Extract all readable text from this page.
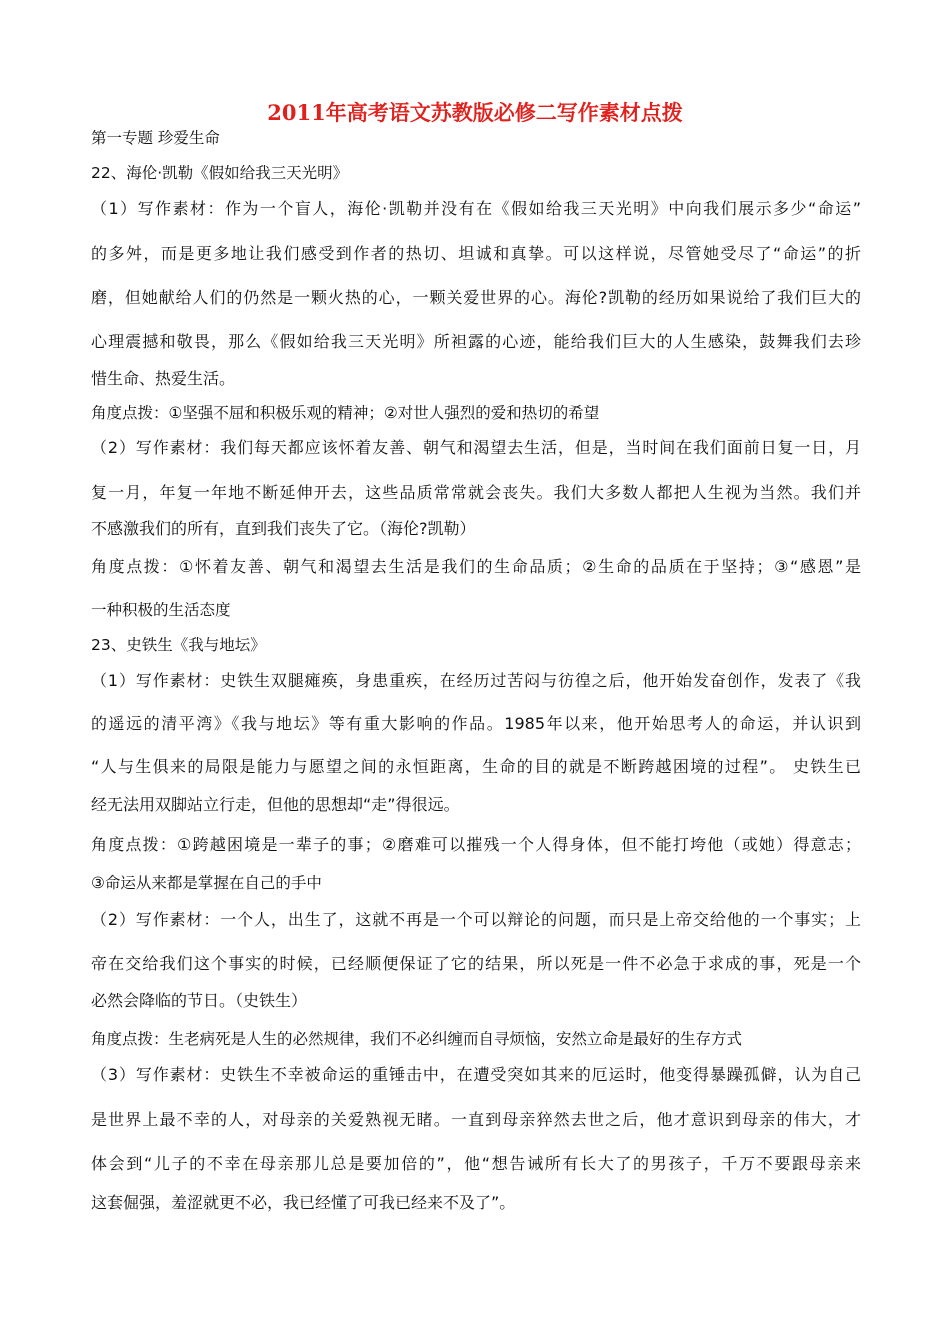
2011年高考语文苏教版必修二写作素材点拨

第一专题 珍爱生命

22、海伦·凯勒《假如给我三天光明》

（1）写作素材：作为一个盲人，海伦·凯勒并没有在《假如给我三天光明》中向我们展示多少“命运”

的多舛，而是更多地让我们感受到作者的热切、坦诚和真挚。可以这样说，尽管她受尽了“命运”的折

磨，但她献给人们的仍然是一颗火热的心，一颗关爱世界的心。海伦?凯勒的经历如果说给了我们巨大的

心理震撼和敬畏，那么《假如给我三天光明》所袒露的心迹，能给我们巨大的人生感染，鼓舞我们去珍

惜生命、热爱生活。

角度点拨：①坚强不屈和积极乐观的精神；②对世人强烈的爱和热切的希望

（2）写作素材：我们每天都应该怀着友善、朝气和渴望去生活，但是，当时间在我们面前日复一日，月

复一月，年复一年地不断延伸开去，这些品质常常就会丧失。我们大多数人都把人生视为当然。我们并

不感激我们的所有，直到我们丧失了它。（海伦?凯勒）

角度点拨：①怀着友善、朝气和渴望去生活是我们的生命品质；②生命的品质在于坚持；③“感恩”是

一种积极的生活态度

23、史铁生《我与地坛》

（1）写作素材：史铁生双腿瘫痪，身患重疾，在经历过苦闷与彷徨之后，他开始发奋创作，发表了《我

的遥远的清平湾》《我与地坛》等有重大影响的作品。1985年以来，他开始思考人的命运，并认识到

“人与生俱来的局限是能力与愿望之间的永恒距离，生命的目的就是不断跨越困境的过程”。 史铁生已

经无法用双脚站立行走，但他的思想却“走”得很远。

角度点拨：①跨越困境是一辈子的事；②磨难可以摧残一个人得身体，但不能打垮他（或她）得意志；

③命运从来都是掌握在自己的手中

（2）写作素材：一个人，出生了，这就不再是一个可以辩论的问题，而只是上帝交给他的一个事实；上

帝在交给我们这个事实的时候，已经顺便保证了它的结果，所以死是一件不必急于求成的事，死是一个

必然会降临的节日。（史铁生）

角度点拨：生老病死是人生的必然规律，我们不必纠缠而自寻烦恼，安然立命是最好的生存方式

（3）写作素材：史铁生不幸被命运的重锤击中，在遭受突如其来的厄运时，他变得暴躁孤僻，认为自己

是世界上最不幸的人，对母亲的关爱熟视无睹。一直到母亲猝然去世之后，他才意识到母亲的伟大，才

体会到“儿子的不幸在母亲那儿总是要加倍的”，他“想告诫所有长大了的男孩子，千万不要跟母亲来

这套倔强，羞涩就更不必，我已经懂了可我已经来不及了”。
